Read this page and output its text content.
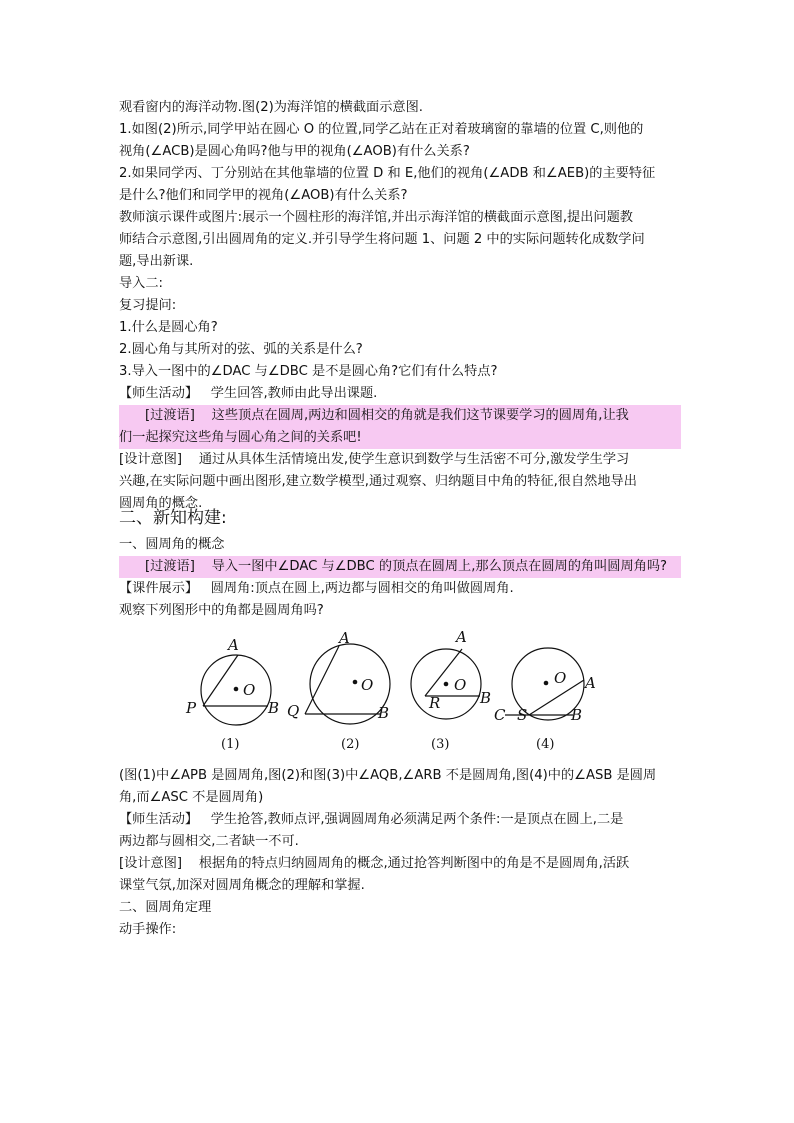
观看窗内的海洋动物.图(2)为海洋馆的横截面示意图.
1.如图(2)所示,同学甲站在圆心 O 的位置,同学乙站在正对着玻璃窗的靠墙的位置 C,则他的
视角(∠ACB)是圆心角吗?他与甲的视角(∠AOB)有什么关系?
2.如果同学丙、丁分别站在其他靠墙的位置 D 和 E,他们的视角(∠ADB 和∠AEB)的主要特征
是什么?他们和同学甲的视角(∠AOB)有什么关系?
教师演示课件或图片:展示一个圆柱形的海洋馆,并出示海洋馆的横截面示意图,提出问题教
师结合示意图,引出圆周角的定义.并引导学生将问题 1、问题 2 中的实际问题转化成数学问
题,导出新课.
导入二:
复习提问:
1.什么是圆心角?
2.圆心角与其所对的弦、弧的关系是什么?
3.导入一图中的∠DAC 与∠DBC 是不是圆心角?它们有什么特点?
【师生活动】 学生回答,教师由此导出课题.
[过渡语] 这些顶点在圆周,两边和圆相交的角就是我们这节课要学习的圆周角,让我
们一起探究这些角与圆心角之间的关系吧!
[设计意图] 通过从具体生活情境出发,使学生意识到数学与生活密不可分,激发学生学习
兴趣,在实际问题中画出图形,建立数学模型,通过观察、归纳题目中角的特征,很自然地导出
圆周角的概念.
二、新知构建:
一、圆周角的概念
[过渡语] 导入一图中∠DAC 与∠DBC 的顶点在圆周上,那么顶点在圆周的角叫圆周角吗?
【课件展示】 圆周角:顶点在圆上,两边都与圆相交的角叫做圆周角.
观察下列图形中的角都是圆周角吗?
A
O
P	B
(1)
A
O
Q	B
(2)
A
O
R	B
(3)
O A
C S	B
(4)
(图(1)中∠APB 是圆周角,图(2)和图(3)中∠AQB,∠ARB 不是圆周角,图(4)中的∠ASB 是圆周
角,而∠ASC 不是圆周角)
【师生活动】 学生抢答,教师点评,强调圆周角必须满足两个条件:一是顶点在圆上,二是
两边都与圆相交,二者缺一不可.
[设计意图] 根据角的特点归纳圆周角的概念,通过抢答判断图中的角是不是圆周角,活跃
课堂气氛,加深对圆周角概念的理解和掌握.
二、圆周角定理
动手操作:
